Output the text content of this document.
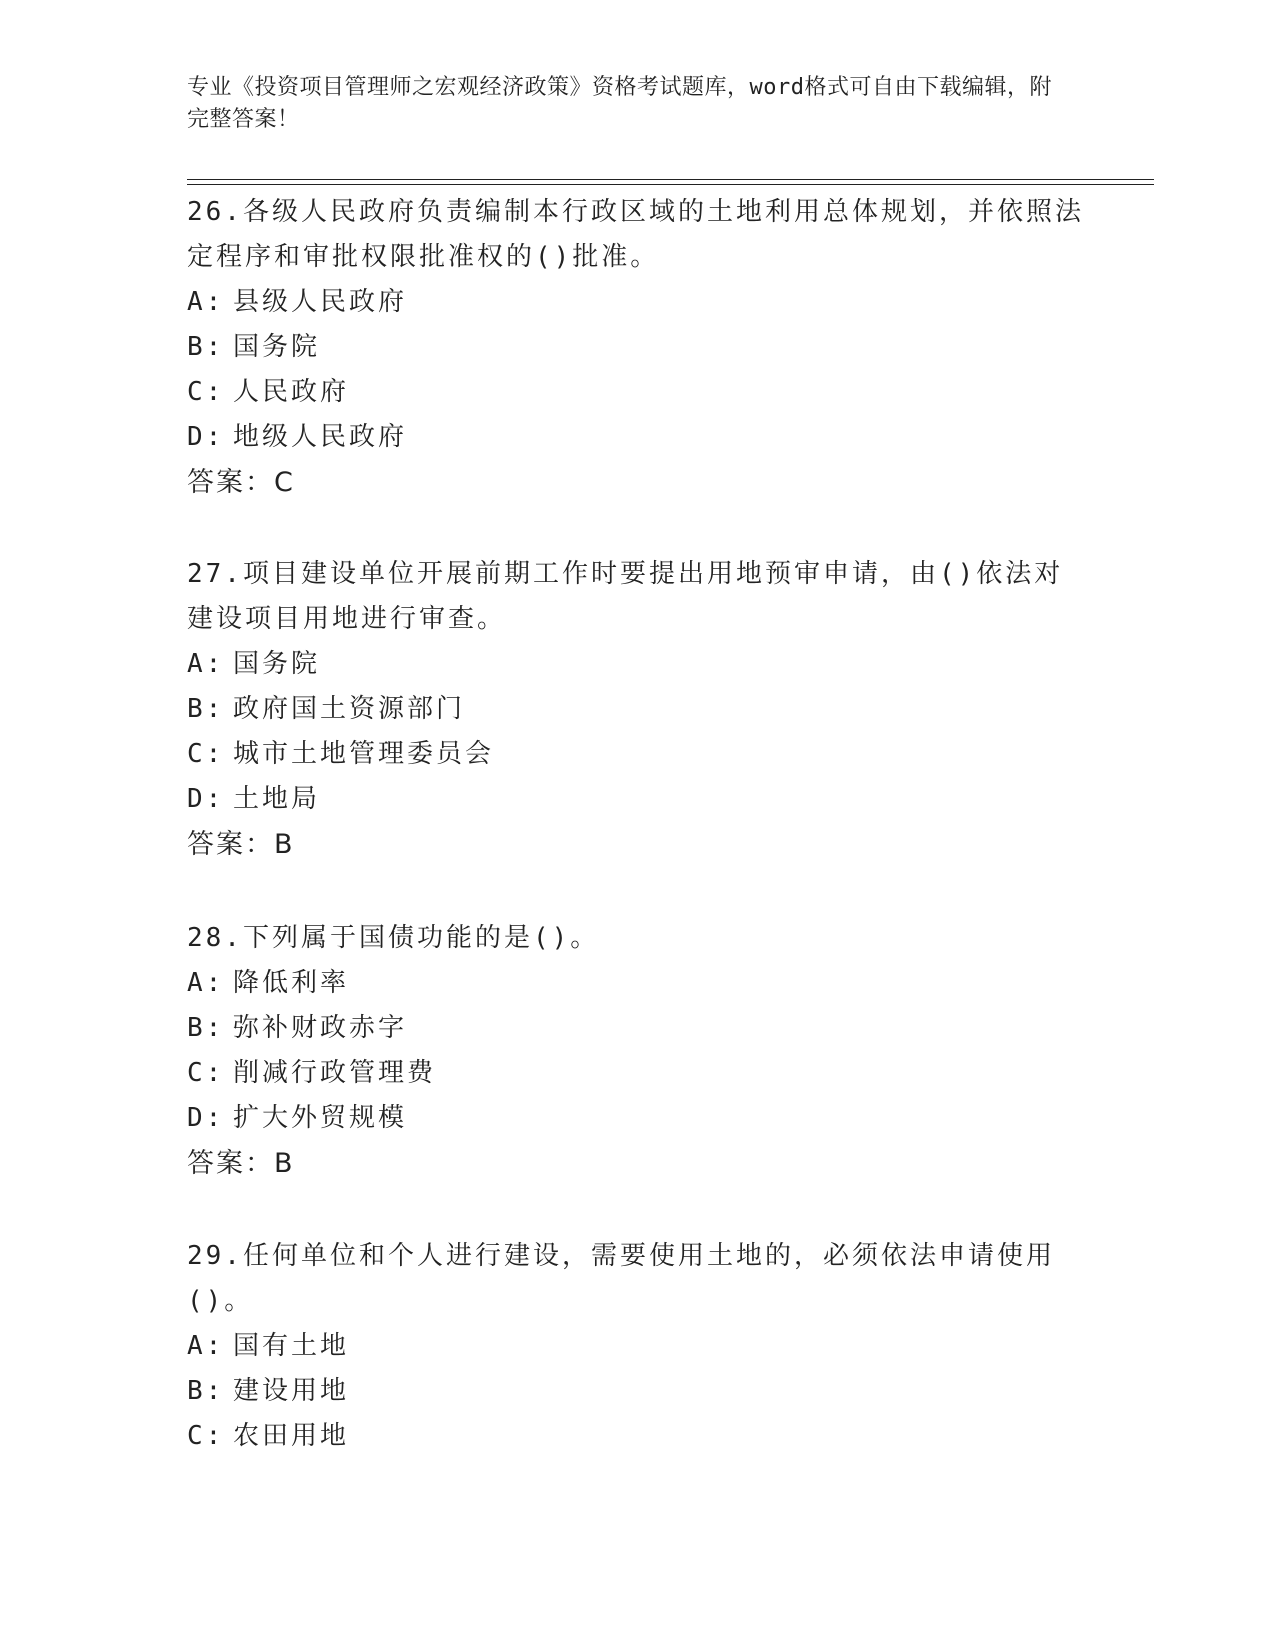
专业《投资项目管理师之宏观经济政策》资格考试题库，word格式可自由下载编辑，附完整答案！

26.各级人民政府负责编制本行政区域的土地利用总体规划，并依照法定程序和审批权限批准权的()批准。

A: 县级人民政府

B: 国务院

C: 人民政府

D: 地级人民政府

答案：C

27.项目建设单位开展前期工作时要提出用地预审申请，由()依法对建设项目用地进行审查。

A: 国务院

B: 政府国土资源部门

C: 城市土地管理委员会

D: 土地局

答案：B

28.下列属于国债功能的是()。

A: 降低利率

B: 弥补财政赤字

C: 削减行政管理费

D: 扩大外贸规模

答案：B

29.任何单位和个人进行建设，需要使用土地的，必须依法申请使用()。

A: 国有土地

B: 建设用地

C: 农田用地
